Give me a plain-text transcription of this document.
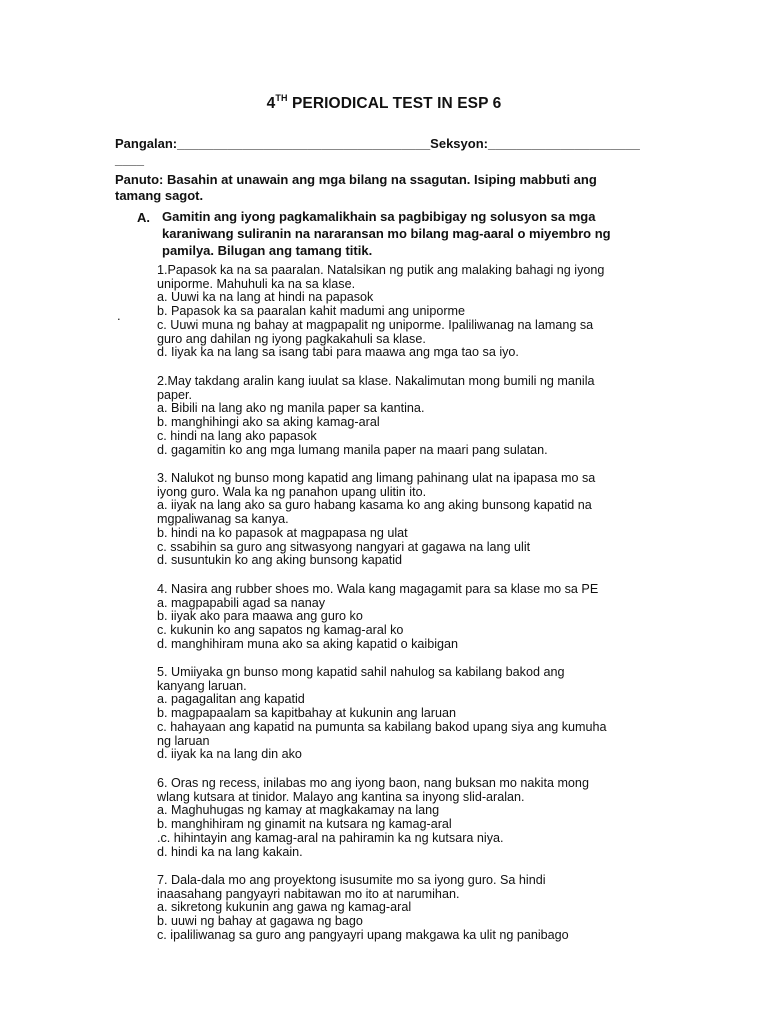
4TH PERIODICAL TEST IN ESP 6
Pangalan:___________________________________Seksyon:_____________________
____
Panuto: Basahin at unawain ang mga bilang na ssagutan. Isiping mabbuti ang
tamang sagot.
A. Gamitin ang iyong pagkamalikhain sa pagbibigay ng solusyon sa mga
karaniwang suliranin na nararansan mo bilang mag-aaral o miyembro ng
pamilya. Bilugan ang tamang titik.
.
1.Papasok ka na sa paaralan. Natalsikan ng putik ang malaking bahagi ng iyong
uniporme. Mahuhuli ka na sa klase.
a. Uuwi ka na lang at hindi na papasok
b. Papasok ka sa paaralan kahit madumi ang uniporme
c. Uuwi muna ng bahay at magpapalit ng uniporme. Ipaliliwanag na lamang sa
guro ang dahilan ng iyong pagkakahuli sa klase.
d. Iiyak ka na lang sa isang tabi para maawa ang mga tao sa iyo.
2.May takdang aralin kang iuulat sa klase. Nakalimutan mong bumili ng manila
paper.
a. Bibili na lang ako ng manila paper sa kantina.
b. manghihingi ako sa aking kamag-aral
c. hindi na lang ako papasok
d. gagamitin ko ang mga lumang manila paper na maari pang sulatan.
3. Nalukot ng bunso mong kapatid ang limang pahinang ulat na ipapasa mo sa
iyong guro. Wala ka ng panahon upang ulitin ito.
a. iiyak na lang ako sa guro habang kasama ko ang aking bunsong kapatid na
mgpaliwanag sa kanya.
b. hindi na ko papasok at magpapasa ng ulat
c. ssabihin sa guro ang sitwasyong nangyari at gagawa na lang ulit
d. susuntukin ko ang aking bunsong kapatid
4. Nasira ang rubber shoes mo. Wala kang magagamit para sa klase mo sa PE
a. magpapabili agad sa nanay
b. iiyak ako para maawa ang guro ko
c. kukunin ko ang sapatos ng kamag-aral ko
d. manghihiram muna ako sa aking kapatid o kaibigan
5. Umiiyaka gn bunso mong kapatid sahil nahulog sa kabilang bakod ang
kanyang laruan.
a. pagagalitan ang kapatid
b. magpapaalam sa kapitbahay at kukunin ang laruan
c. hahayaan ang kapatid na pumunta sa kabilang bakod upang siya ang kumuha
ng laruan
d. iiyak ka na lang din ako
6. Oras ng recess, inilabas mo ang iyong baon, nang buksan mo nakita mong
wlang kutsara at tinidor. Malayo ang kantina sa inyong slid-aralan.
a. Maghuhugas ng kamay at magkakamay na lang
b. manghihiram ng ginamit na kutsara ng kamag-aral
.c. hihintayin ang kamag-aral na pahiramin ka ng kutsara niya.
d. hindi ka na lang kakain.
7. Dala-dala mo ang proyektong isusumite mo sa iyong guro. Sa hindi
inaasahang pangyayri nabitawan mo ito at narumihan.
a. sikretong kukunin ang gawa ng kamag-aral
b. uuwi ng bahay at gagawa ng bago
c. ipaliliwanag sa guro ang pangyayri upang makgawa ka ulit ng panibago
